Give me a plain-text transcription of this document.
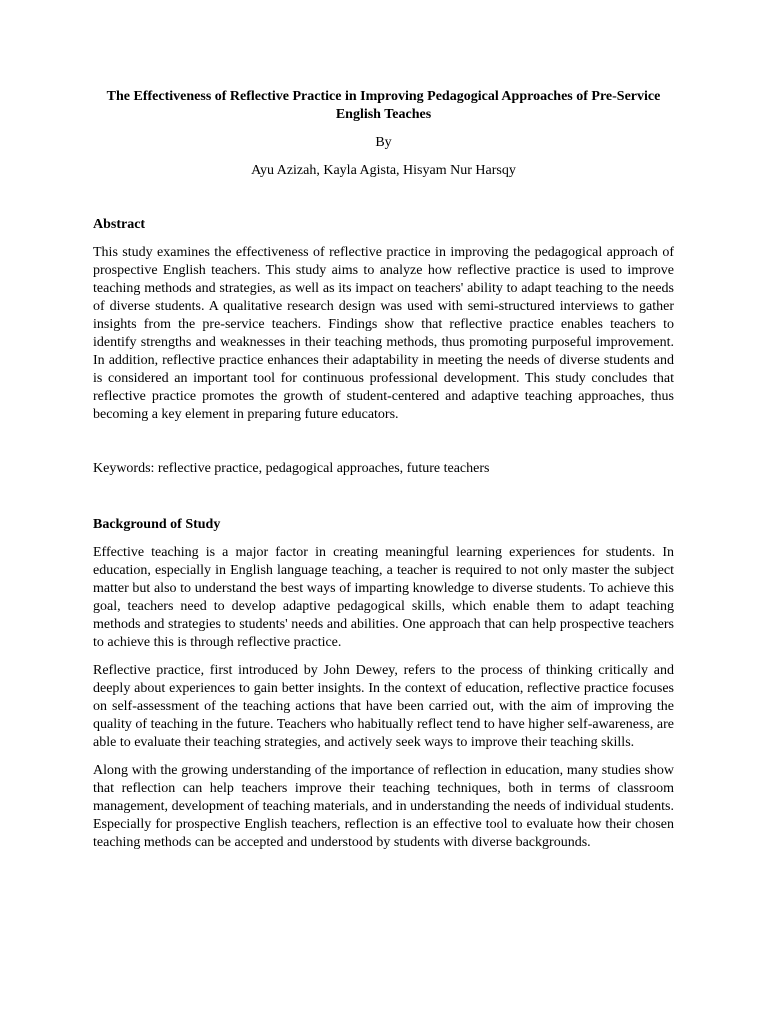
The Effectiveness of Reflective Practice in Improving Pedagogical Approaches of Pre-Service English Teaches

By

Ayu Azizah, Kayla Agista, Hisyam Nur Harsqy

Abstract

This study examines the effectiveness of reflective practice in improving the pedagogical approach of prospective English teachers. This study aims to analyze how reflective practice is used to improve teaching methods and strategies, as well as its impact on teachers' ability to adapt teaching to the needs of diverse students. A qualitative research design was used with semi-structured interviews to gather insights from the pre-service teachers. Findings show that reflective practice enables teachers to identify strengths and weaknesses in their teaching methods, thus promoting purposeful improvement. In addition, reflective practice enhances their adaptability in meeting the needs of diverse students and is considered an important tool for continuous professional development. This study concludes that reflective practice promotes the growth of student-centered and adaptive teaching approaches, thus becoming a key element in preparing future educators.

Keywords: reflective practice, pedagogical approaches, future teachers

Background of Study

Effective teaching is a major factor in creating meaningful learning experiences for students. In education, especially in English language teaching, a teacher is required to not only master the subject matter but also to understand the best ways of imparting knowledge to diverse students. To achieve this goal, teachers need to develop adaptive pedagogical skills, which enable them to adapt teaching methods and strategies to students' needs and abilities. One approach that can help prospective teachers to achieve this is through reflective practice.

Reflective practice, first introduced by John Dewey, refers to the process of thinking critically and deeply about experiences to gain better insights. In the context of education, reflective practice focuses on self-assessment of the teaching actions that have been carried out, with the aim of improving the quality of teaching in the future. Teachers who habitually reflect tend to have higher self-awareness, are able to evaluate their teaching strategies, and actively seek ways to improve their teaching skills.

Along with the growing understanding of the importance of reflection in education, many studies show that reflection can help teachers improve their teaching techniques, both in terms of classroom management, development of teaching materials, and in understanding the needs of individual students. Especially for prospective English teachers, reflection is an effective tool to evaluate how their chosen teaching methods can be accepted and understood by students with diverse backgrounds.
